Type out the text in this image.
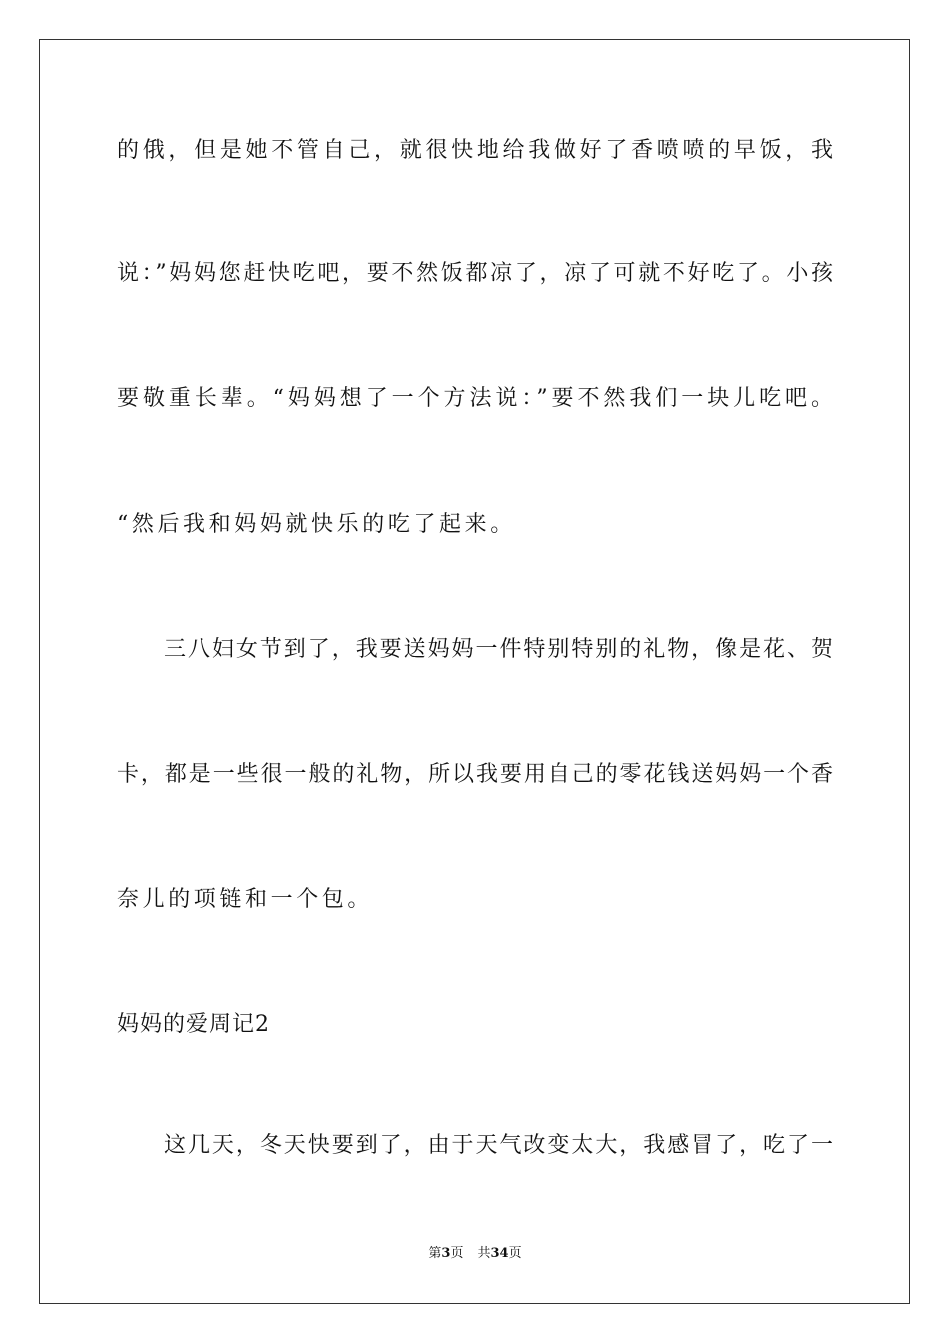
的俄，但是她不管自己，就很快地给我做好了香喷喷的早饭，我
说：”妈妈您赶快吃吧，要不然饭都凉了，凉了可就不好吃了。小孩
要敬重长辈。“妈妈想了一个方法说：”要不然我们一块儿吃吧。
“然后我和妈妈就快乐的吃了起来。
三八妇女节到了，我要送妈妈一件特别特别的礼物，像是花、贺
卡，都是一些很一般的礼物，所以我要用自己的零花钱送妈妈一个香
奈儿的项链和一个包。
妈妈的爱周记2
这几天，冬天快要到了，由于天气改变太大，我感冒了，吃了一
第3页 共34页
